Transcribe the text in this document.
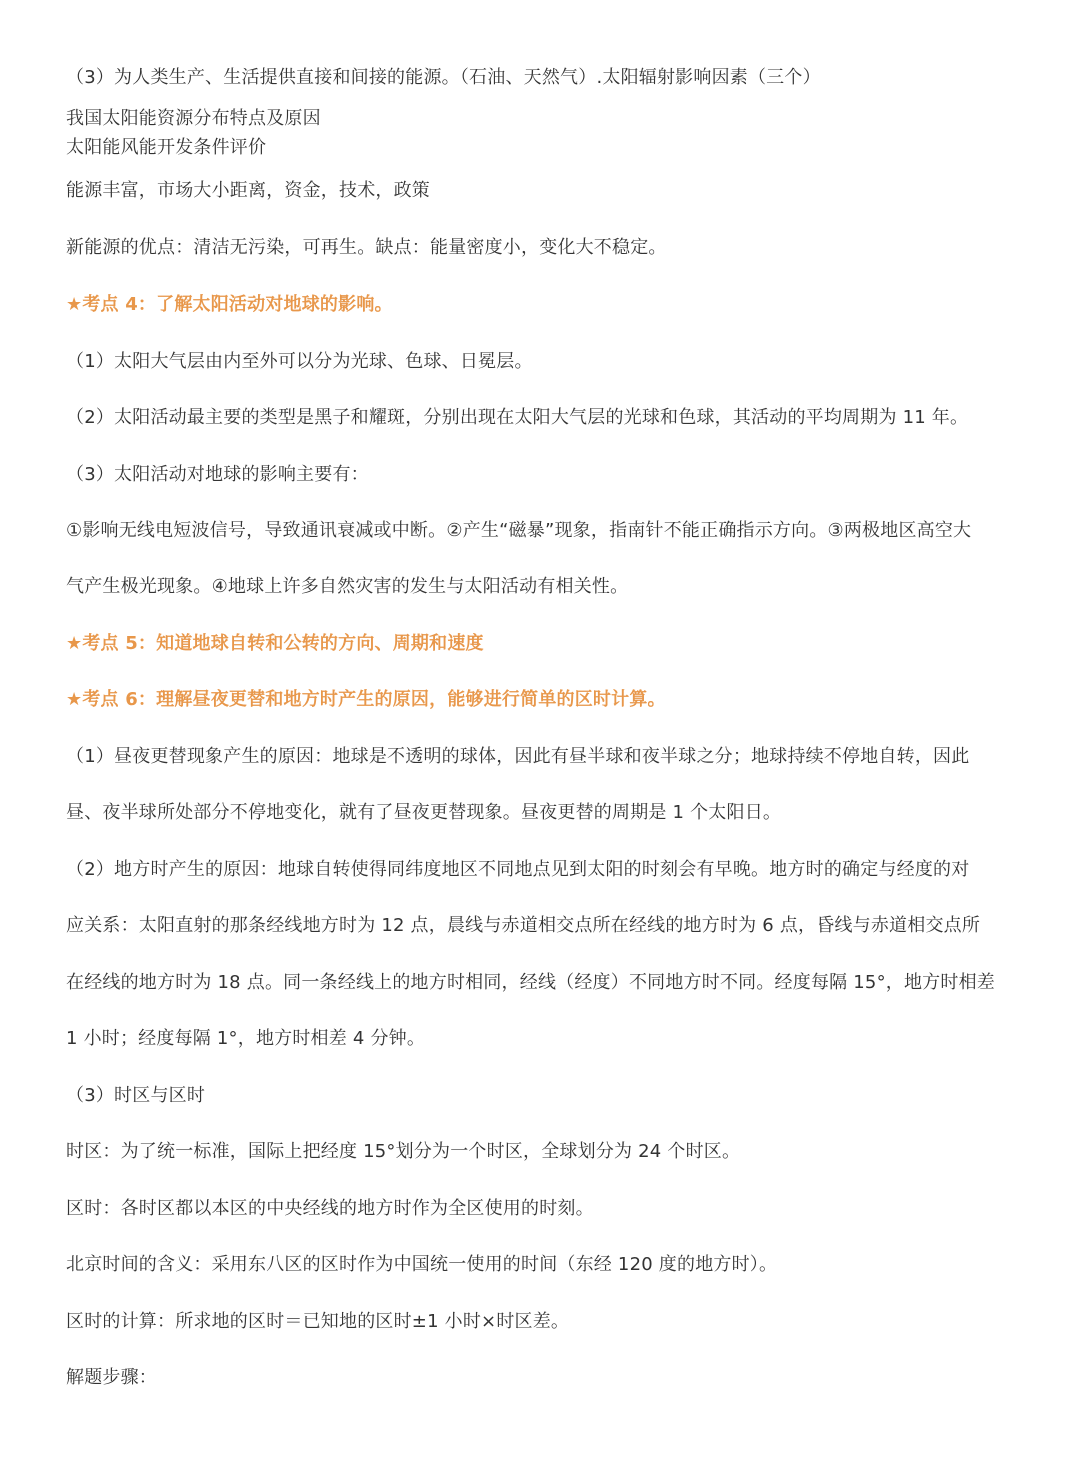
（3）为人类生产、生活提供直接和间接的能源。（石油、天然气）.太阳辐射影响因素（三个）
我国太阳能资源分布特点及原因
太阳能风能开发条件评价
能源丰富，市场大小距离，资金，技术，政策
新能源的优点：清洁无污染，可再生。缺点：能量密度小，变化大不稳定。
★考点 4：了解太阳活动对地球的影响。
（1）太阳大气层由内至外可以分为光球、色球、日冕层。
（2）太阳活动最主要的类型是黑子和耀斑，分别出现在太阳大气层的光球和色球，其活动的平均周期为 11 年。
（3）太阳活动对地球的影响主要有：
①影响无线电短波信号，导致通讯衰减或中断。②产生“磁暴”现象，指南针不能正确指示方向。③两极地区高空大
气产生极光现象。④地球上许多自然灾害的发生与太阳活动有相关性。
★考点 5：知道地球自转和公转的方向、周期和速度
★考点 6：理解昼夜更替和地方时产生的原因，能够进行简单的区时计算。
（1）昼夜更替现象产生的原因：地球是不透明的球体，因此有昼半球和夜半球之分；地球持续不停地自转，因此
昼、夜半球所处部分不停地变化，就有了昼夜更替现象。昼夜更替的周期是 1 个太阳日。
（2）地方时产生的原因：地球自转使得同纬度地区不同地点见到太阳的时刻会有早晚。地方时的确定与经度的对
应关系：太阳直射的那条经线地方时为 12 点，晨线与赤道相交点所在经线的地方时为 6 点，昏线与赤道相交点所
在经线的地方时为 18 点。同一条经线上的地方时相同，经线（经度）不同地方时不同。经度每隔 15°，地方时相差
1 小时；经度每隔 1°，地方时相差 4 分钟。
（3）时区与区时
时区：为了统一标准，国际上把经度 15°划分为一个时区，全球划分为 24 个时区。
区时：各时区都以本区的中央经线的地方时作为全区使用的时刻。
北京时间的含义：采用东八区的区时作为中国统一使用的时间（东经 120 度的地方时）。
区时的计算：所求地的区时＝已知地的区时±1 小时×时区差。
解题步骤：
